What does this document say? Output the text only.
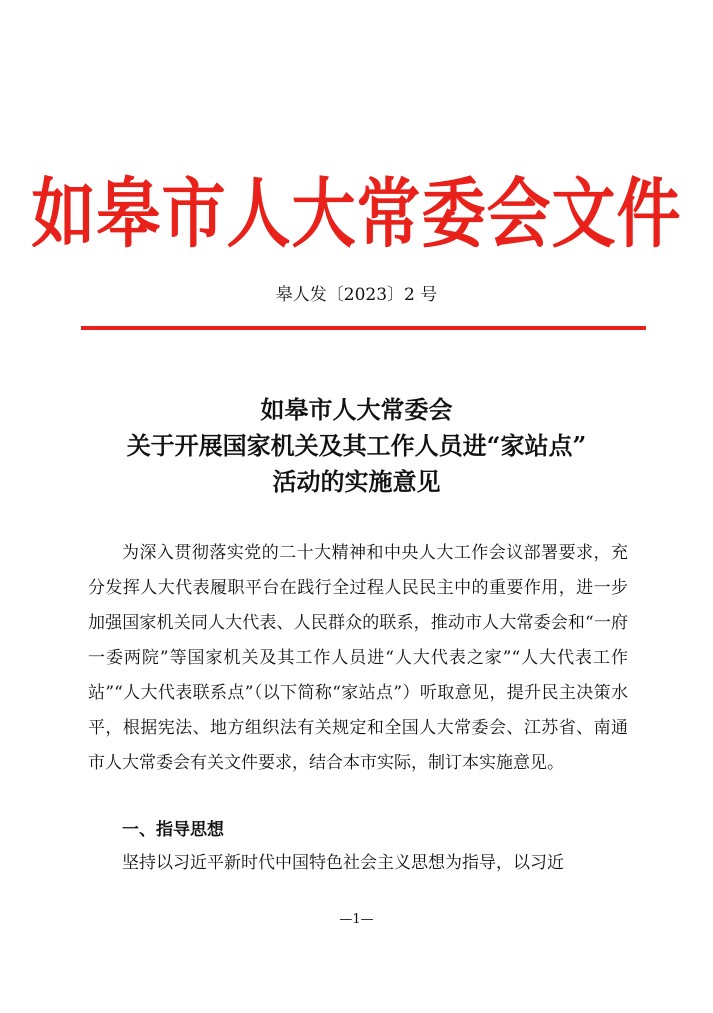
如皋市人大常委会文件
皋人发〔2023〕2 号
如皋市人大常委会
关于开展国家机关及其工作人员进“家站点”
活动的实施意见
为深入贯彻落实党的二十大精神和中央人大工作会议部署要求，充分发挥人大代表履职平台在践行全过程人民民主中的重要作用，进一步加强国家机关同人大代表、人民群众的联系，推动市人大常委会和“一府一委两院”等国家机关及其工作人员进“人大代表之家”“人大代表工作站”“人大代表联系点”（以下简称“家站点”）听取意见，提升民主决策水平，根据宪法、地方组织法有关规定和全国人大常委会、江苏省、南通市人大常委会有关文件要求，结合本市实际，制订本实施意见。
一、指导思想
坚持以习近平新时代中国特色社会主义思想为指导，以习近
—1—
